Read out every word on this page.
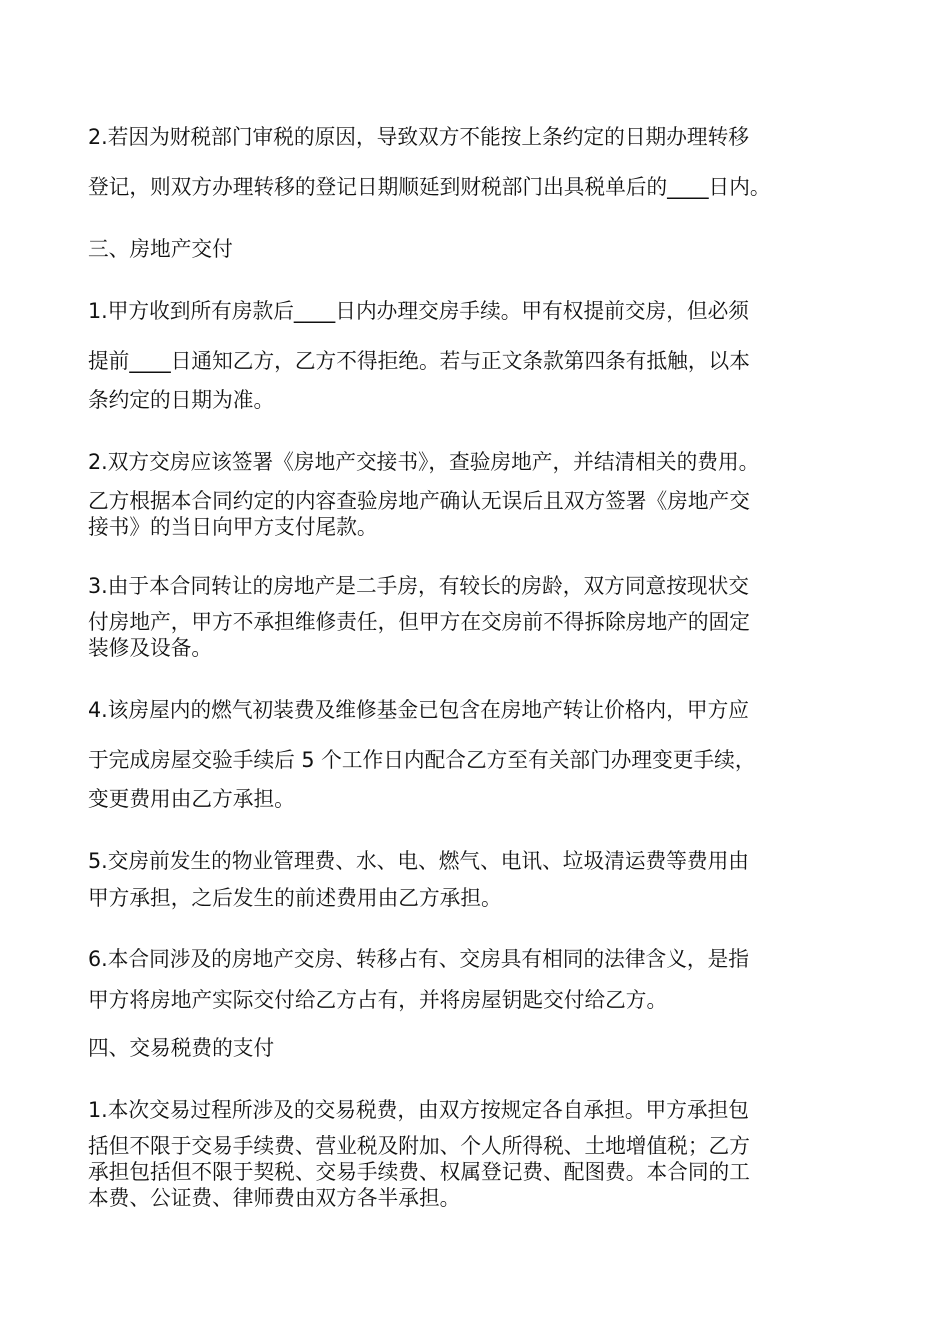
2.若因为财税部门审税的原因，导致双方不能按上条约定的日期办理转移

登记，则双方办理转移的登记日期顺延到财税部门出具税单后的____日内。

三、房地产交付

1.甲方收到所有房款后____日内办理交房手续。甲有权提前交房，但必须

提前____日通知乙方，乙方不得拒绝。若与正文条款第四条有抵触，以本

条约定的日期为准。

2.双方交房应该签署《房地产交接书》，查验房地产，并结清相关的费用。

乙方根据本合同约定的内容查验房地产确认无误后且双方签署《房地产交

接书》的当日向甲方支付尾款。

3.由于本合同转让的房地产是二手房，有较长的房龄，双方同意按现状交

付房地产，甲方不承担维修责任，但甲方在交房前不得拆除房地产的固定

装修及设备。

4.该房屋内的燃气初装费及维修基金已包含在房地产转让价格内，甲方应

于完成房屋交验手续后 5 个工作日内配合乙方至有关部门办理变更手续，

变更费用由乙方承担。

5.交房前发生的物业管理费、水、电、燃气、电讯、垃圾清运费等费用由

甲方承担，之后发生的前述费用由乙方承担。

6.本合同涉及的房地产交房、转移占有、交房具有相同的法律含义，是指

甲方将房地产实际交付给乙方占有，并将房屋钥匙交付给乙方。

四、交易税费的支付

1.本次交易过程所涉及的交易税费，由双方按规定各自承担。甲方承担包

括但不限于交易手续费、营业税及附加、个人所得税、土地增值税；乙方

承担包括但不限于契税、交易手续费、权属登记费、配图费。本合同的工

本费、公证费、律师费由双方各半承担。
